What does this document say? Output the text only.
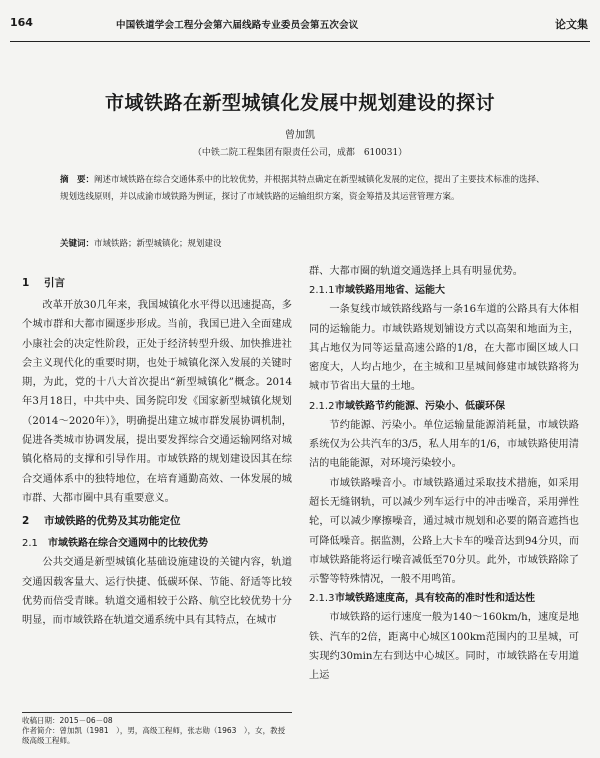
164	中国铁道学会工程分会第六届线路专业委员会第五次会议	论文集
市域铁路在新型城镇化发展中规划建设的探讨
曾加凯
（中铁二院工程集团有限责任公司，成都　610031）
摘　要：阐述市域铁路在综合交通体系中的比较优势，并根据其特点确定在新型城镇化发展的定位，提出了主要技术标准的选择、规划选线原则，并以成渝市域铁路为例证，探讨了市域铁路的运输组织方案，资金筹措及其运营管理方案。
关键词：市域铁路；新型城镇化；规划建设
1 引言

改革开放30几年来，我国城镇化水平得以迅速提高，多个城市群和大都市圈逐步形成。当前，我国已进入全面建成小康社会的决定性阶段，正处于经济转型升级、加快推进社会主义现代化的重要时期，也处于城镇化深入发展的关键时期，为此，党的十八大首次提出“新型城镇化”概念。2014年3月18日，中共中央、国务院印发《国家新型城镇化规划（2014～2020年）》，明确提出建立城市群发展协调机制，促进各类城市协调发展，提出要发挥综合交通运输网络对城镇化格局的支撑和引导作用。市域铁路的规划建设因其在综合交通体系中的独特地位，在培育通勤高效、一体发展的城市群、大都市圈中具有重要意义。

2 市域铁路的优势及其功能定位
2.1 市域铁路在综合交通网中的比较优势

公共交通是新型城镇化基础设施建设的关键内容，轨道交通因载客量大、运行快捷、低碳环保、节能、舒适等比较优势而倍受青睐。轨道交通相较于公路、航空比较优势十分明显，而市域铁路在轨道交通系统中具有其特点，在城市

收稿日期：2015－06－08
作者简介：曾加凯（1981　），男，高级工程师，张志勋（1963　），女，教授级高级工程师。

群、大都市圈的轨道交通选择上具有明显优势。

2.1.1市域铁路用地省、运能大

一条复线市域铁路线路与一条16车道的公路具有大体相同的运输能力。市域铁路规划铺设方式以高架和地面为主，其占地仅为同等运量高速公路的1/8，在大都市圈区域人口密度大，人均占地少，在主城和卫星城间修建市域铁路将为城市节省出大量的土地。

2.1.2市域铁路节约能源、污染小、低碳环保

节约能源、污染小。单位运输量能源消耗量，市域铁路系统仅为公共汽车的3/5，私人用车的1/6，市域铁路使用清洁的电能能源，对环境污染较小。

市域铁路噪音小。市域铁路通过采取技术措施，如采用超长无缝钢轨，可以减少列车运行中的冲击噪音，采用弹性轮，可以减少摩擦噪音，通过城市规划和必要的隔音遮挡也可降低噪音。据监测，公路上大卡车的噪音达到94分贝，而市域铁路能将运行噪音减低至70分贝。此外，市域铁路除了示警等特殊情况，一般不用鸣笛。

2.1.3市域铁路速度高，具有较高的准时性和适达性

市域铁路的运行速度一般为140～160km/h，速度是地铁、汽车的2倍，距离中心城区100km范围内的卫星城，可实现约30min左右到达中心城区。同时，市域铁路在专用道上运
